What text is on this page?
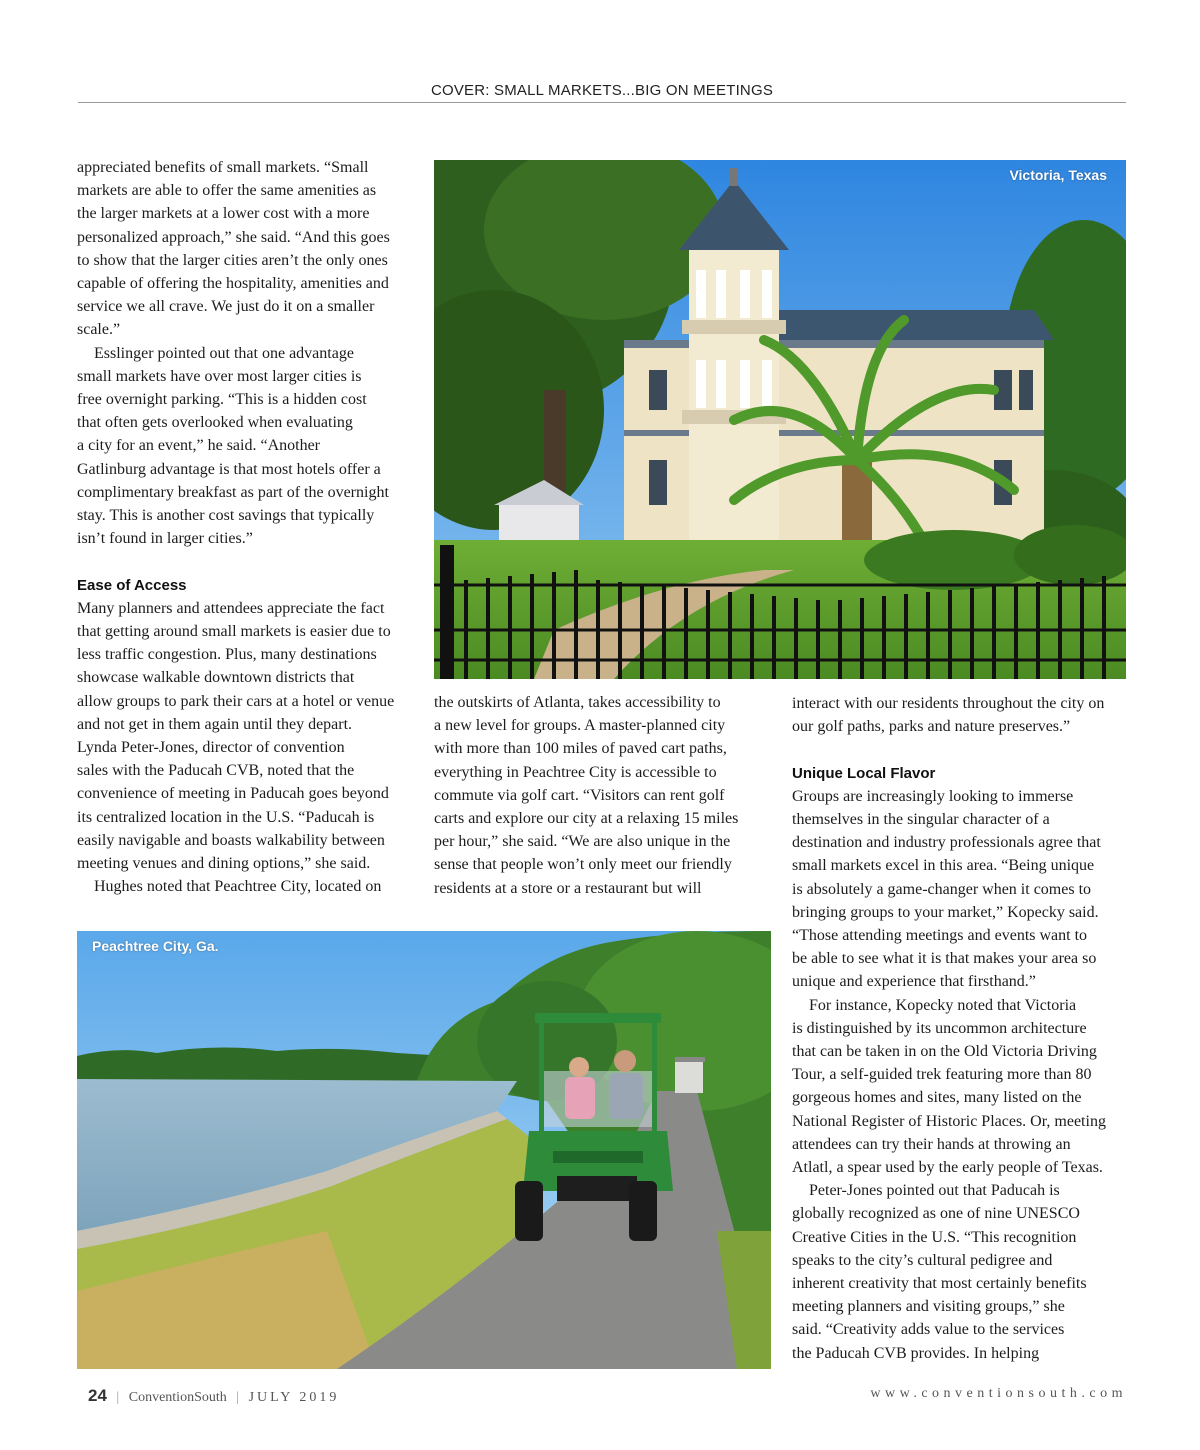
COVER: SMALL MARKETS...BIG ON MEETINGS

appreciated benefits of small markets. “Small
markets are able to offer the same amenities as
the larger markets at a lower cost with a more
personalized approach,” she said. “And this goes
to show that the larger cities aren’t the only ones
capable of offering the hospitality, amenities and
service we all crave. We just do it on a smaller
scale.”

Esslinger pointed out that one advantage
small markets have over most larger cities is
free overnight parking. “This is a hidden cost
that often gets overlooked when evaluating
a city for an event,” he said. “Another
Gatlinburg advantage is that most hotels offer a
complimentary breakfast as part of the overnight
stay. This is another cost savings that typically
isn’t found in larger cities.”

Ease of Access

Many planners and attendees appreciate the fact
that getting around small markets is easier due to
less traffic congestion. Plus, many destinations
showcase walkable downtown districts that
allow groups to park their cars at a hotel or venue
and not get in them again until they depart.
Lynda Peter-Jones, director of convention
sales with the Paducah CVB, noted that the
convenience of meeting in Paducah goes beyond
its centralized location in the U.S. “Paducah is
easily navigable and boasts walkability between
meeting venues and dining options,” she said.

Hughes noted that Peachtree City, located on

Victoria, Texas

the outskirts of Atlanta, takes accessibility to
a new level for groups. A master-planned city
with more than 100 miles of paved cart paths,
everything in Peachtree City is accessible to
commute via golf cart. “Visitors can rent golf
carts and explore our city at a relaxing 15 miles
per hour,” she said. “We are also unique in the
sense that people won’t only meet our friendly
residents at a store or a restaurant but will

interact with our residents throughout the city on
our golf paths, parks and nature preserves.”

Unique Local Flavor

Groups are increasingly looking to immerse
themselves in the singular character of a
destination and industry professionals agree that
small markets excel in this area. “Being unique
is absolutely a game-changer when it comes to
bringing groups to your market,” Kopecky said.
“Those attending meetings and events want to
be able to see what it is that makes your area so
unique and experience that firsthand.”

For instance, Kopecky noted that Victoria
is distinguished by its uncommon architecture
that can be taken in on the Old Victoria Driving
Tour, a self-guided trek featuring more than 80
gorgeous homes and sites, many listed on the
National Register of Historic Places. Or, meeting
attendees can try their hands at throwing an
Atlatl, a spear used by the early people of Texas.

Peter-Jones pointed out that Paducah is
globally recognized as one of nine UNESCO
Creative Cities in the U.S. “This recognition
speaks to the city’s cultural pedigree and
inherent creativity that most certainly benefits
meeting planners and visiting groups,” she
said. “Creativity adds value to the services
the Paducah CVB provides. In helping

Peachtree City, Ga.
24 | ConventionSouth | JULY 2019	www.conventionsouth.com
